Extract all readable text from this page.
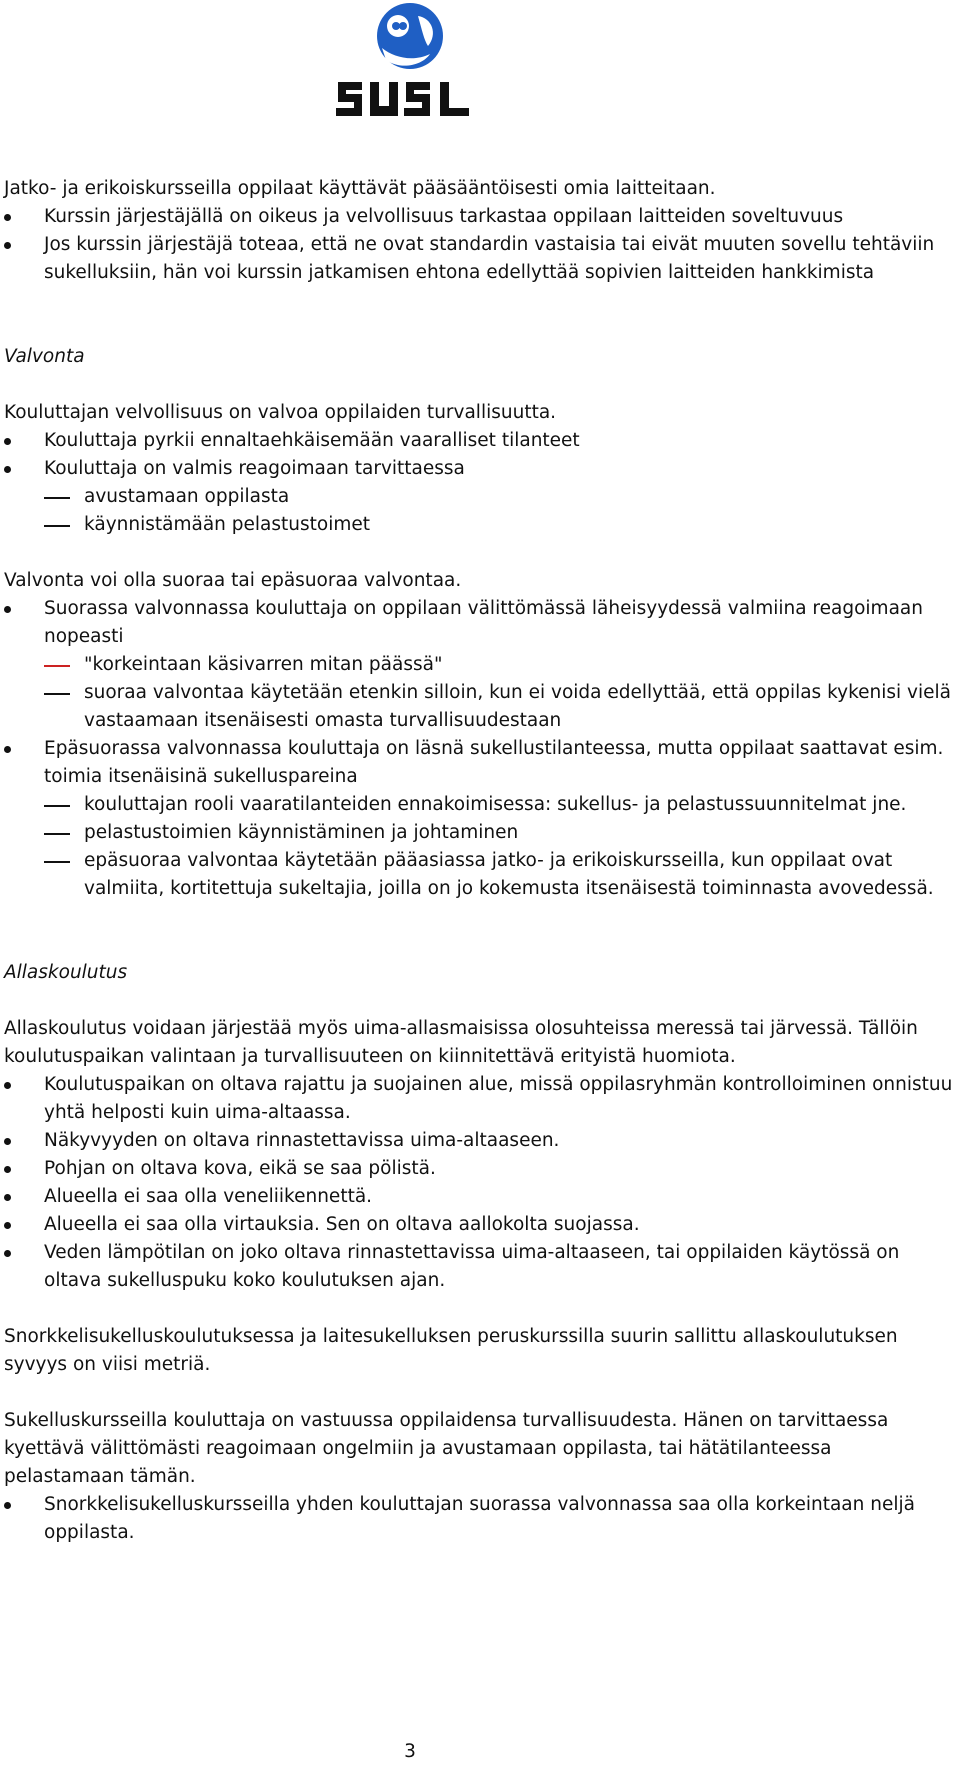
Jatko- ja erikoiskursseilla oppilaat käyttävät pääsääntöisesti omia laitteitaan.
Kurssin järjestäjällä on oikeus ja velvollisuus tarkastaa oppilaan laitteiden soveltuvuus
Jos kurssin järjestäjä toteaa, että ne ovat standardin vastaisia tai eivät muuten sovellu tehtäviin sukelluksiin, hän voi kurssin jatkamisen ehtona edellyttää sopivien laitteiden hankkimista
Valvonta
Kouluttajan velvollisuus on valvoa oppilaiden turvallisuutta.
Kouluttaja pyrkii ennaltaehkäisemään vaaralliset tilanteet
Kouluttaja on valmis reagoimaan tarvittaessa
avustamaan oppilasta
käynnistämään pelastustoimet
Valvonta voi olla suoraa tai epäsuoraa valvontaa.
Suorassa valvonnassa kouluttaja on oppilaan välittömässä läheisyydessä valmiina reagoimaan nopeasti
"korkeintaan käsivarren mitan päässä"
suoraa valvontaa käytetään etenkin silloin, kun ei voida edellyttää, että oppilas kykenisi vielä vastaamaan itsenäisesti omasta turvallisuudestaan
Epäsuorassa valvonnassa kouluttaja on läsnä sukellustilanteessa, mutta oppilaat saattavat esim. toimia itsenäisinä sukelluspareina
kouluttajan rooli vaaratilanteiden ennakoimisessa: sukellus- ja pelastussuunnitelmat jne.
pelastustoimien käynnistäminen ja johtaminen
epäsuoraa valvontaa käytetään pääasiassa jatko- ja erikoiskursseilla, kun oppilaat ovat valmiita, kortitettuja sukeltajia, joilla on jo kokemusta itsenäisestä toiminnasta avovedessä.
Allaskoulutus
Allaskoulutus voidaan järjestää myös uima-allasmaisissa olosuhteissa meressä tai järvessä. Tällöin koulutuspaikan valintaan ja turvallisuuteen on kiinnitettävä erityistä huomiota.
Koulutuspaikan on oltava rajattu ja suojainen alue, missä oppilasryhmän kontrolloiminen onnistuu yhtä helposti kuin uima-altaassa.
Näkyvyyden on oltava rinnastettavissa uima-altaaseen.
Pohjan on oltava kova, eikä se saa pölistä.
Alueella ei saa olla veneliikennettä.
Alueella ei saa olla virtauksia. Sen on oltava aallokolta suojassa.
Veden lämpötilan on joko oltava rinnastettavissa uima-altaaseen, tai oppilaiden käytössä on oltava sukelluspuku koko koulutuksen ajan.
Snorkkelisukelluskoulutuksessa ja laitesukelluksen peruskurssilla suurin sallittu allaskoulutuksen syvyys on viisi metriä.
Sukelluskursseilla kouluttaja on vastuussa oppilaidensa turvallisuudesta. Hänen on tarvittaessa kyettävä välittömästi reagoimaan ongelmiin ja avustamaan oppilasta, tai hätätilanteessa pelastamaan tämän.
Snorkkelisukelluskursseilla yhden kouluttajan suorassa valvonnassa saa olla korkeintaan neljä oppilasta.
3
